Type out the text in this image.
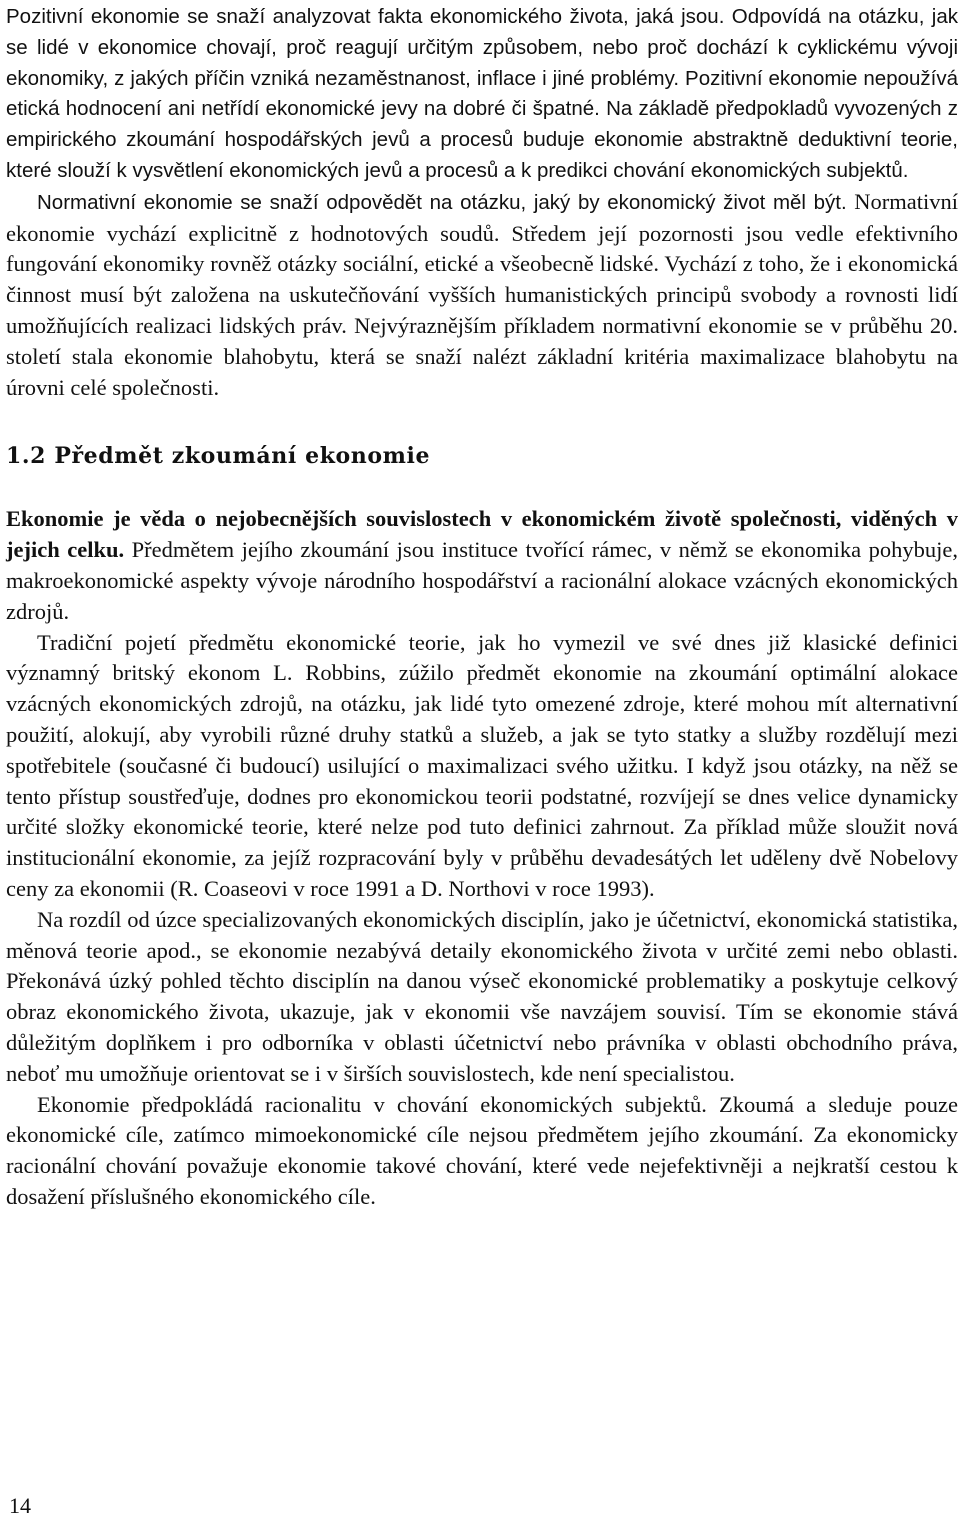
Pozitivní ekonomie se snaží analyzovat fakta ekonomického života, jaká jsou. Odpovídá na otázku, jak se lidé v ekonomice chovají, proč reagují určitým způsobem, nebo proč dochází k cyklickému vývoji ekonomiky, z jakých příčin vzniká nezaměstnanost, inflace i jiné problémy. Pozitivní ekonomie nepoužívá etická hodnocení ani netřídí ekonomické jevy na dobré či špatné. Na základě předpokladů vyvozených z empirického zkoumání hospodářských jevů a procesů buduje ekonomie abstraktně deduktivní teorie, které slouží k vysvětlení ekonomických jevů a procesů a k predikci chování ekonomických subjektů.

Normativní ekonomie se snaží odpovědět na otázku, jaký by ekonomický život měl být. Normativní ekonomie vychází explicitně z hodnotových soudů. Středem její pozornosti jsou vedle efektivního fungování ekonomiky rovněž otázky sociální, etické a všeobecně lidské. Vychází z toho, že i ekonomická činnost musí být založena na uskutečňování vyšších humanistických principů svobody a rovnosti lidí umožňujících realizaci lidských práv. Nejvýraznějším příkladem normativní ekonomie se v průběhu 20. století stala ekonomie blahobytu, která se snaží nalézt základní kritéria maximalizace blahobytu na úrovni celé společnosti.

1.2 Předmět zkoumání ekonomie

Ekonomie je věda o nejobecnějších souvislostech v ekonomickém životě společnosti, viděných v jejich celku. Předmětem jejího zkoumání jsou instituce tvořící rámec, v němž se ekonomika pohybuje, makroekonomické aspekty vývoje národního hospodářství a racionální alokace vzácných ekonomických zdrojů.

Tradiční pojetí předmětu ekonomické teorie, jak ho vymezil ve své dnes již klasické definici významný britský ekonom L. Robbins, zúžilo předmět ekonomie na zkoumání optimální alokace vzácných ekonomických zdrojů, na otázku, jak lidé tyto omezené zdroje, které mohou mít alternativní použití, alokují, aby vyrobili různé druhy statků a služeb, a jak se tyto statky a služby rozdělují mezi spotřebitele (současné či budoucí) usilující o maximalizaci svého užitku. I když jsou otázky, na něž se tento přístup soustřeďuje, dodnes pro ekonomickou teorii podstatné, rozvíjejí se dnes velice dynamicky určité složky ekonomické teorie, které nelze pod tuto definici zahrnout. Za příklad může sloužit nová institucionální ekonomie, za jejíž rozpracování byly v průběhu devadesátých let uděleny dvě Nobelovy ceny za ekonomii (R. Coaseovi v roce 1991 a D. Northovi v roce 1993).

Na rozdíl od úzce specializovaných ekonomických disciplín, jako je účetnictví, ekonomická statistika, měnová teorie apod., se ekonomie nezabývá detaily ekonomického života v určité zemi nebo oblasti. Překonává úzký pohled těchto disciplín na danou výseč ekonomické problematiky a poskytuje celkový obraz ekonomického života, ukazuje, jak v ekonomii vše navzájem souvisí. Tím se ekonomie stává důležitým doplňkem i pro odborníka v oblasti účetnictví nebo právníka v oblasti obchodního práva, neboť mu umožňuje orientovat se i v širších souvislostech, kde není specialistou.

Ekonomie předpokládá racionalitu v chování ekonomických subjektů. Zkoumá a sleduje pouze ekonomické cíle, zatímco mimoekonomické cíle nejsou předmětem jejího zkoumání. Za ekonomicky racionální chování považuje ekonomie takové chování, které vede nejefektivněji a nejkratší cestou k dosažení příslušného ekonomického cíle.

14
